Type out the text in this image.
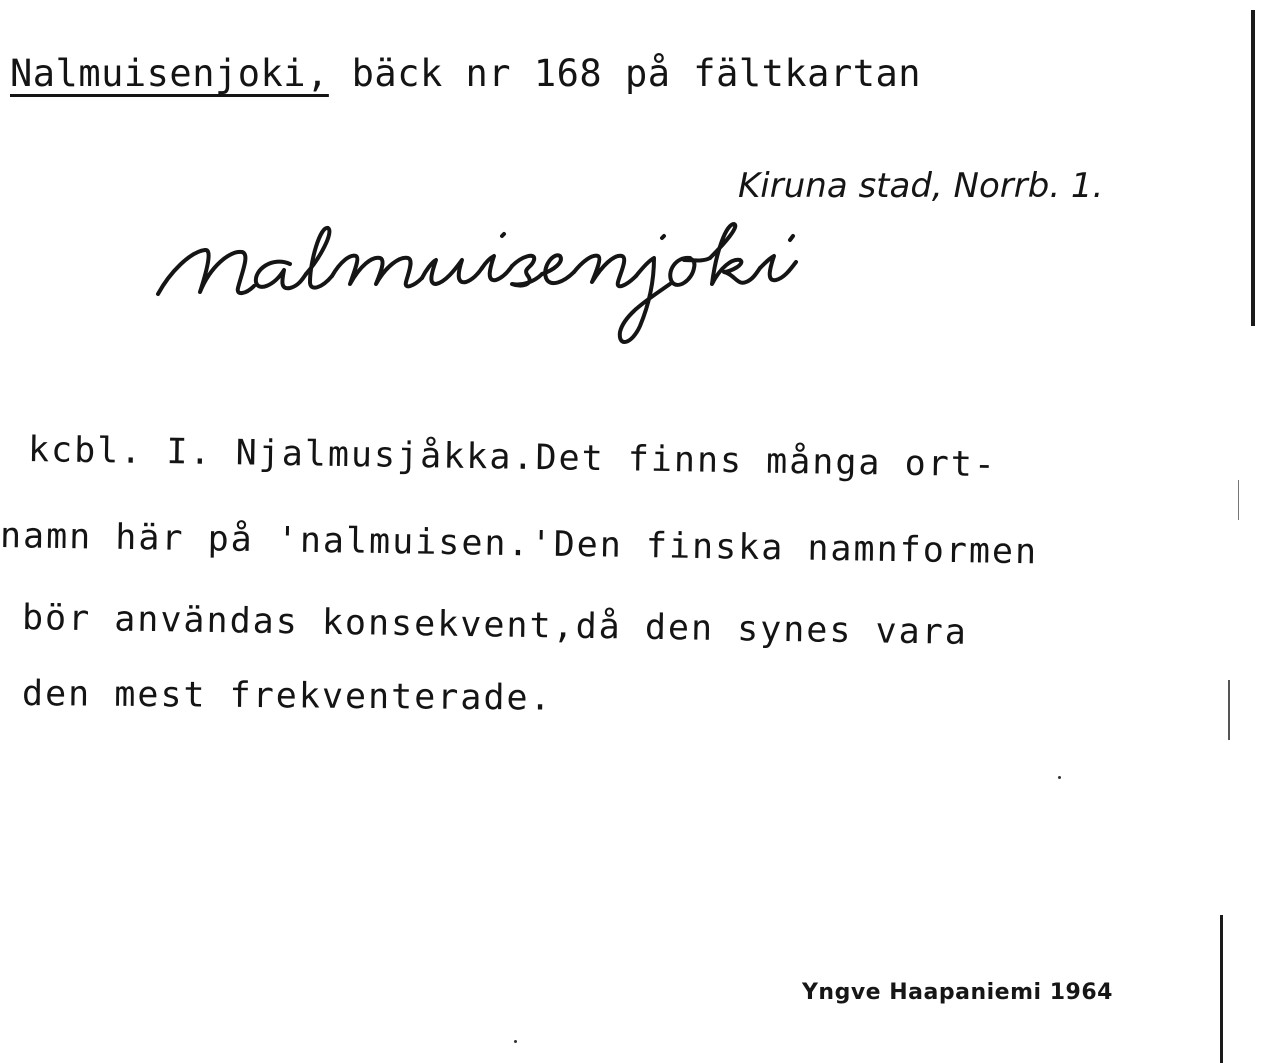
Nalmuisenjoki, bäck nr 168 på fältkartan
Kiruna stad, Norrb. 1.
kcbl. I. Njalmusjåkka.Det finns många ort-
namn här på 'nalmuisen.'Den finska namnformen
bör användas konsekvent,då den synes vara
den mest frekventerade.
Yngve Haapaniemi 1964
